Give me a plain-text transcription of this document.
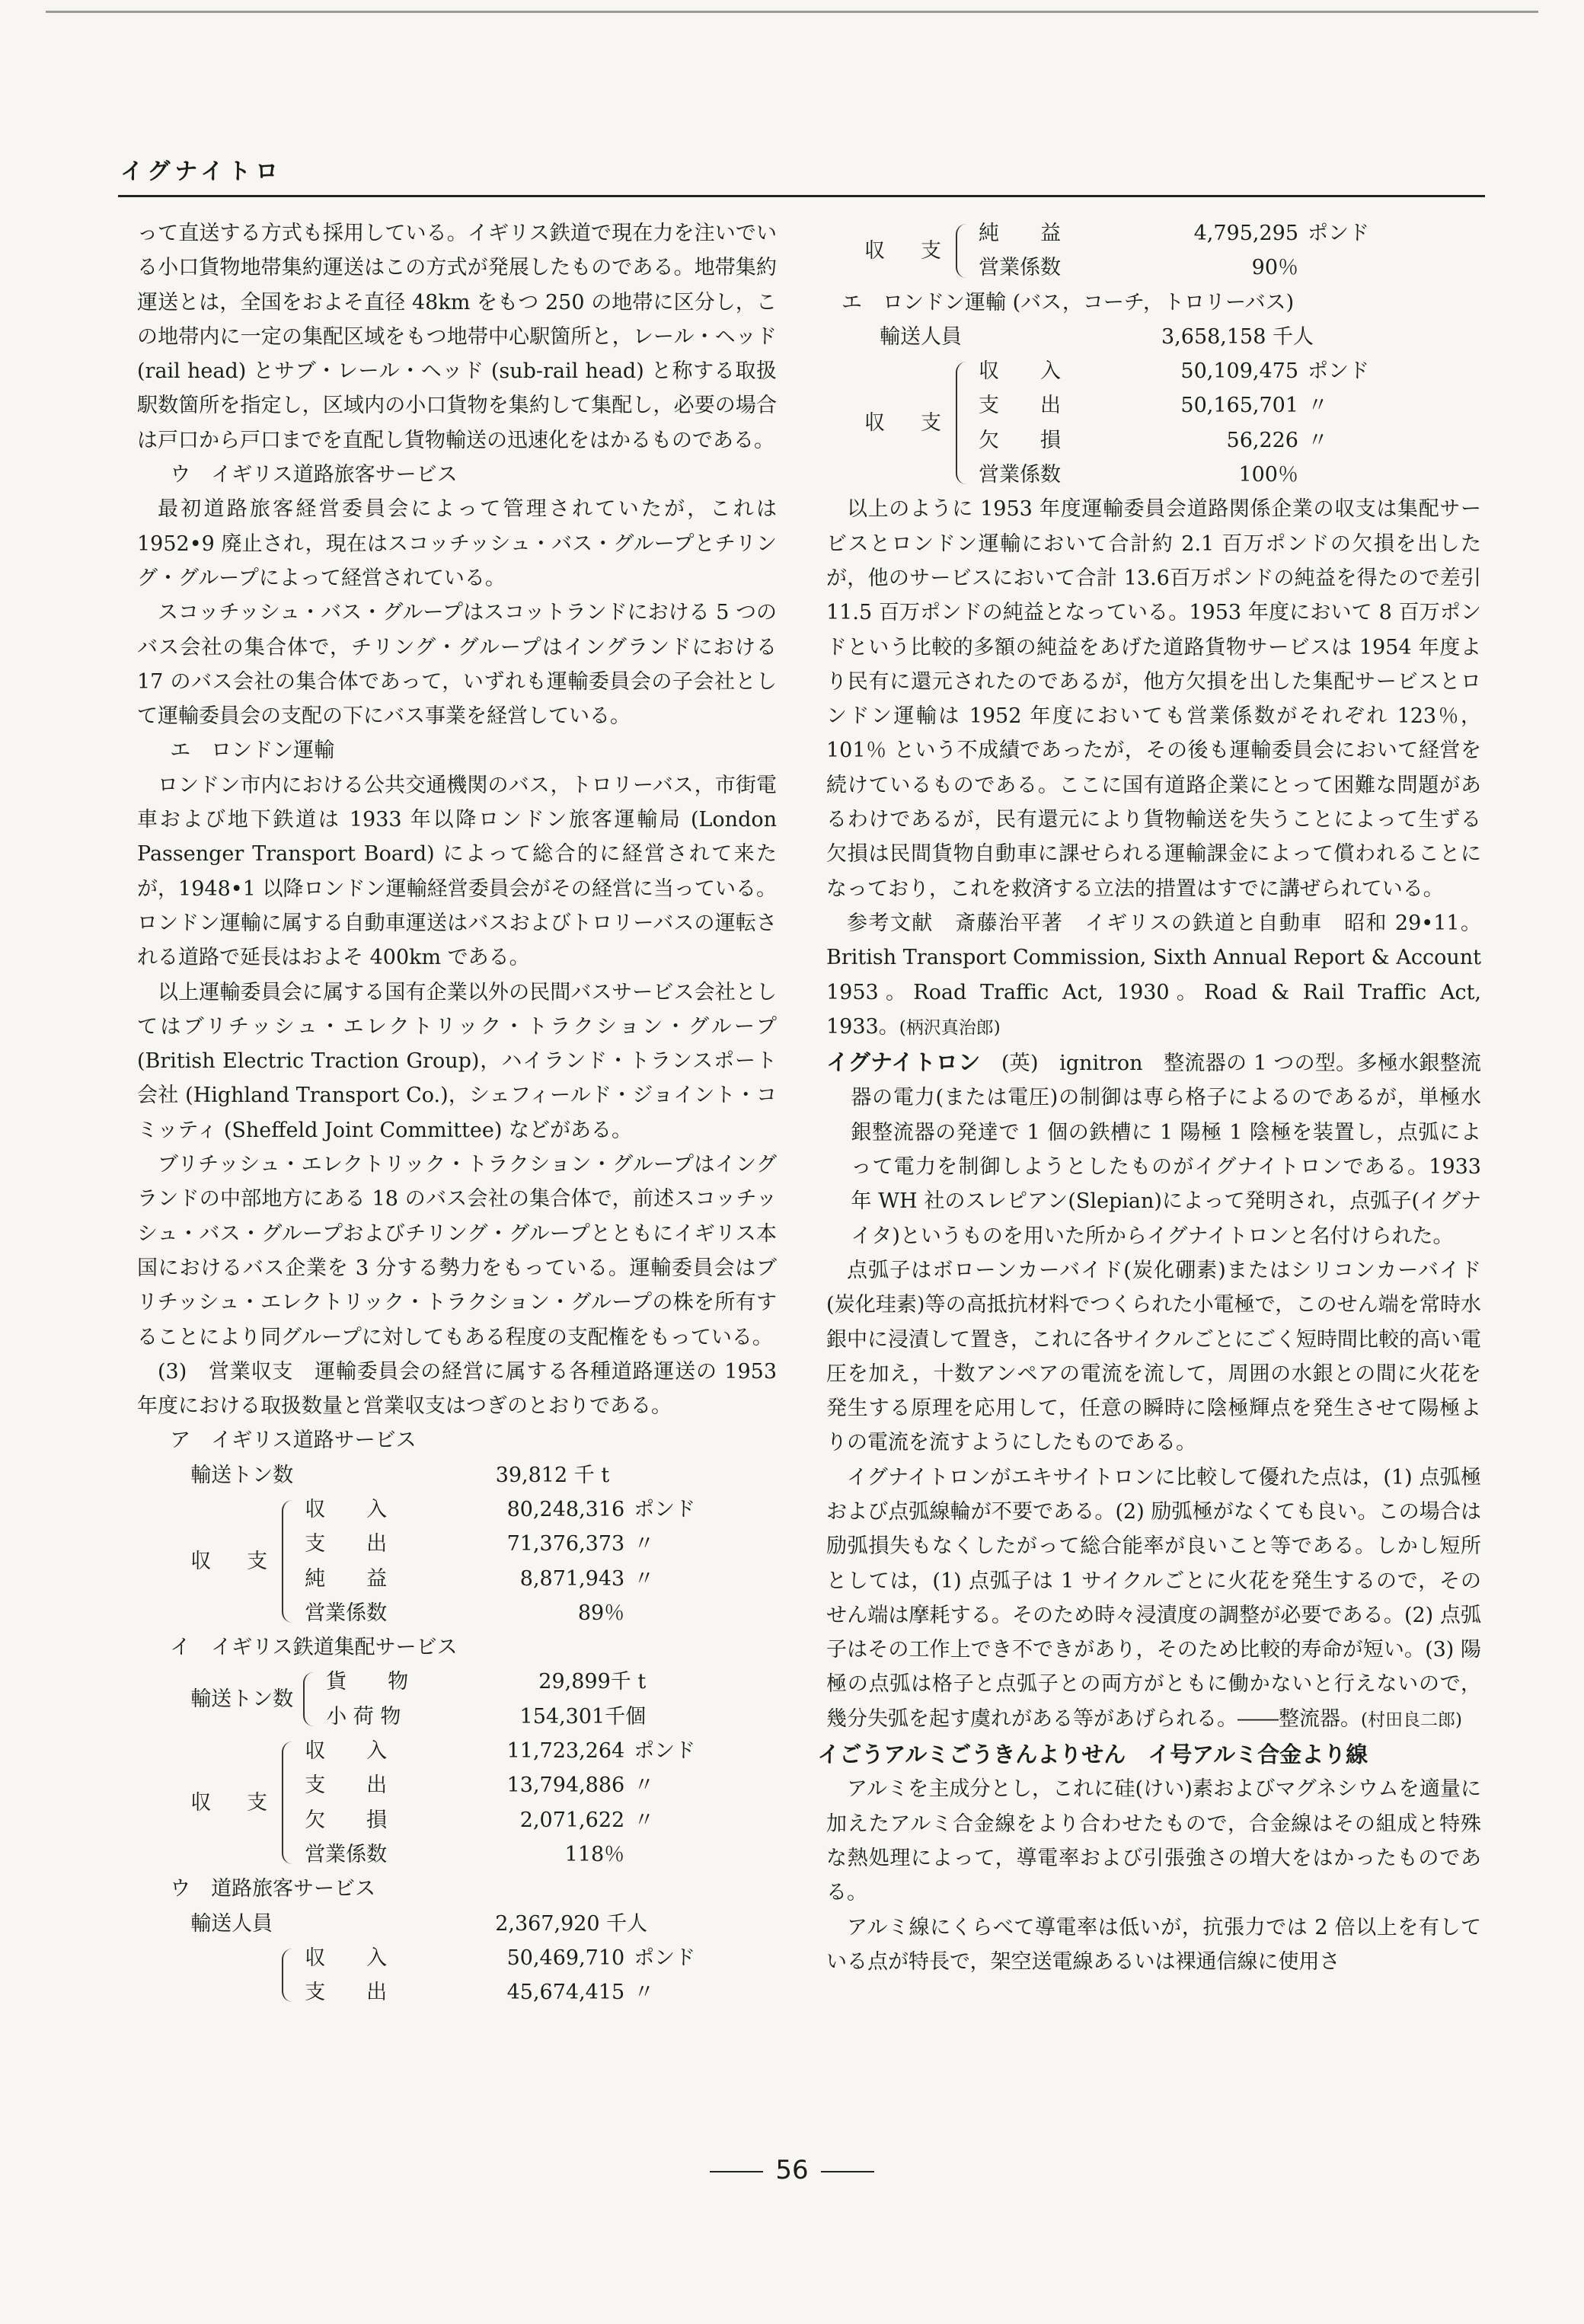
イグナイトロ
って直送する方式も採用している。イギリス鉄道で現在力を注いでいる小口貨物地帯集約運送はこの方式が発展したものである。地帯集約運送とは，全国をおよそ直径 48km をもつ 250 の地帯に区分し，この地帯内に一定の集配区域をもつ地帯中心駅箇所と，レール・ヘッド (rail head) とサブ・レール・ヘッド (sub-rail head) と称する取扱駅数箇所を指定し，区域内の小口貨物を集約して集配し，必要の場合は戸口から戸口までを直配し貨物輸送の迅速化をはかるものである。
ウ　イギリス道路旅客サービス
最初道路旅客経営委員会によって管理されていたが，これは 1952•9 廃止され，現在はスコッチッシュ・バス・グループとチリング・グループによって経営されている。
スコッチッシュ・バス・グループはスコットランドにおける 5 つのバス会社の集合体で，チリング・グループはイングランドにおける 17 のバス会社の集合体であって，いずれも運輸委員会の子会社として運輸委員会の支配の下にバス事業を経営している。
エ　ロンドン運輸
ロンドン市内における公共交通機関のバス，トロリーバス，市街電車および地下鉄道は 1933 年以降ロンドン旅客運輸局 (London Passenger Transport Board) によって総合的に経営されて来たが，1948•1 以降ロンドン運輸経営委員会がその経営に当っている。ロンドン運輸に属する自動車運送はバスおよびトロリーバスの運転される道路で延長はおよそ 400km である。
以上運輸委員会に属する国有企業以外の民間バスサービス会社としてはブリチッシュ・エレクトリック・トラクション・グループ (British Electric Traction Group)，ハイランド・トランスポート会社 (Highland Transport Co.)，シェフィールド・ジョイント・コミッティ (Sheffeld Joint Committee) などがある。
ブリチッシュ・エレクトリック・トラクション・グループはイングランドの中部地方にある 18 のバス会社の集合体で，前述スコッチッシュ・バス・グループおよびチリング・グループとともにイギリス本国におけるバス企業を 3 分する勢力をもっている。運輸委員会はブリチッシュ・エレクトリック・トラクション・グループの株を所有することにより同グループに対してもある程度の支配権をもっている。
(3)　営業収支　運輸委員会の経営に属する各種道路運送の 1953 年度における取扱数量と営業収支はつぎのとおりである。
ア　イギリス道路サービス
輸送トン数	39,812 千 t
収　支
収　　入	80,248,316 ポンド
支　　出	71,376,373 〃
純　　益	8,871,943 〃
営業係数	89％
イ　イギリス鉄道集配サービス
輸送トン数
貨　　物	29,899千 t
小 荷 物	154,301千個
収　支
収　　入	11,723,264 ポンド
支　　出	13,794,886 〃
欠　　損	2,071,622 〃
営業係数	118％
ウ　道路旅客サービス
輸送人員	2,367,920 千人
収　　入	50,469,710 ポンド
支　　出	45,674,415 〃
収　支
純　　益	4,795,295 ポンド
営業係数	90％
エ　ロンドン運輸 (バス，コーチ，トロリーバス)
輸送人員	3,658,158 千人
収　支
収　　入	50,109,475 ポンド
支　　出	50,165,701 〃
欠　　損	56,226 〃
営業係数	100％
以上のように 1953 年度運輸委員会道路関係企業の収支は集配サービスとロンドン運輸において合計約 2.1 百万ポンドの欠損を出したが，他のサービスにおいて合計 13.6百万ポンドの純益を得たので差引 11.5 百万ポンドの純益となっている。1953 年度において 8 百万ポンドという比較的多額の純益をあげた道路貨物サービスは 1954 年度より民有に還元されたのであるが，他方欠損を出した集配サービスとロンドン運輸は 1952 年度においても営業係数がそれぞれ 123％，101％ という不成績であったが，その後も運輸委員会において経営を続けているものである。ここに国有道路企業にとって困難な問題があるわけであるが，民有還元により貨物輸送を失うことによって生ずる欠損は民間貨物自動車に課せられる運輸課金によって償われることになっており，これを救済する立法的措置はすでに講ぜられている。
参考文献　斎藤治平著　イギリスの鉄道と自動車　昭和 29•11。British Transport Commission, Sixth Annual Report & Account 1953。Road Traffic Act, 1930。Road & Rail Traffic Act, 1933。(柄沢真治郎)
イグナイトロン　 (英)　ignitron　整流器の 1 つの型。多極水銀整流器の電力(または電圧)の制御は専ら格子によるのであるが，単極水銀整流器の発達で 1 個の鉄槽に 1 陽極 1 陰極を装置し，点弧によって電力を制御しようとしたものがイグナイトロンである。1933 年 WH 社のスレピアン(Slepian)によって発明され，点弧子(イグナイタ)というものを用いた所からイグナイトロンと名付けられた。
点弧子はボローンカーバイド(炭化硼素)またはシリコンカーバイド(炭化珪素)等の高抵抗材料でつくられた小電極で，このせん端を常時水銀中に浸漬して置き，これに各サイクルごとにごく短時間比較的高い電圧を加え，十数アンペアの電流を流して，周囲の水銀との間に火花を発生する原理を応用して，任意の瞬時に陰極輝点を発生させて陽極よりの電流を流すようにしたものである。
イグナイトロンがエキサイトロンに比較して優れた点は，(1) 点弧極および点弧線輪が不要である。(2) 励弧極がなくても良い。この場合は励弧損失もなくしたがって総合能率が良いこと等である。しかし短所としては，(1) 点弧子は 1 サイクルごとに火花を発生するので，そのせん端は摩耗する。そのため時々浸漬度の調整が必要である。(2) 点弧子はその工作上でき不できがあり，そのため比較的寿命が短い。(3) 陽極の点弧は格子と点弧子との両方がともに働かないと行えないので，幾分失弧を起す虞れがある等があげられる。――整流器。(村田良二郎)
イごうアルミごうきんよりせん　イ号アルミ合金より線
アルミを主成分とし，これに硅(けい)素およびマグネシウムを適量に加えたアルミ合金線をより合わせたもので，合金線はその組成と特殊な熱処理によって，導電率および引張強さの増大をはかったものである。
アルミ線にくらべて導電率は低いが，抗張力では 2 倍以上を有している点が特長で，架空送電線あるいは裸通信線に使用さ
56
